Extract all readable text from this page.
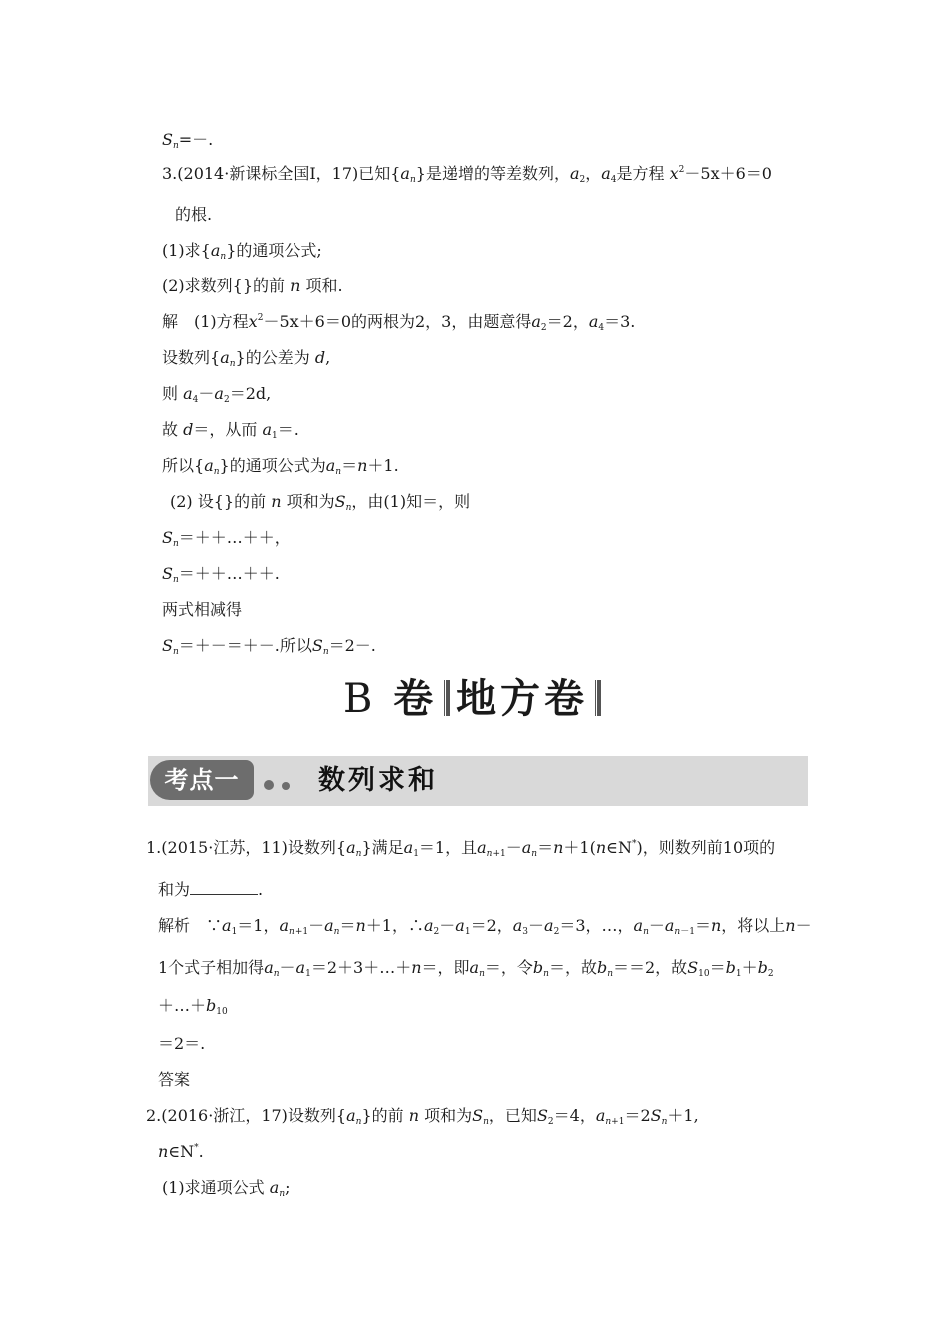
$S_n=-$.
3.(2014·新课标全国Ⅰ，17)已知$\{a_n\}$是递增的等差数列，$a_2$，$a_4$是方程 $x^2-5x+6=0$
的根.
(1)求$\{a_n\}$的通项公式;
(2)求数列{}的前 n 项和.
解　(1)方程$x^2-5x+6=0$的两根为2，3，由题意得$a_2=2$，$a_4=3$.
设数列$\{a_n\}$的公差为 d,
则 $a_4-a_2=2d$,
故 d＝，从而 $a_1=$.
所以$\{a_n\}$的通项公式为$a_n=n+1$.
(2) 设{}的前 n 项和为$S_n$，由(1)知＝，则
$S_n=++\dots++$，
$S_n=++\dots++$.
两式相减得
$S_n=+-=+-$.所以$S_n=2-$.
B 卷 地方卷
考点一	数列求和
1.(2015·江苏，11)设数列$\{a_n\}$满足$a_1=1$，且$a_{n+1}-a_n=n+1(n\in N^*)$，则数列前10项的
和为	.
解析　$\because a_1=1$，$a_{n+1}-a_n=n+1$，$\therefore a_2-a_1=2$，$a_3-a_2=3$，…，$a_n-a_{n-1}=n$，将以上n－
1个式子相加得$a_n-a_1=2+3+\dots+n=$，即$a_n=$，令$b_n=$，故$b_n==2$，故$S_{10}=b_1+b_2$
$+\dots+b_{10}$
＝2＝.
答案
2.(2016·浙江，17)设数列$\{a_n\}$的前 n 项和为$S_n$，已知$S_2=4$，$a_{n+1}=2S_n+1$,
n∈N*.
(1)求通项公式 $a_n$;
